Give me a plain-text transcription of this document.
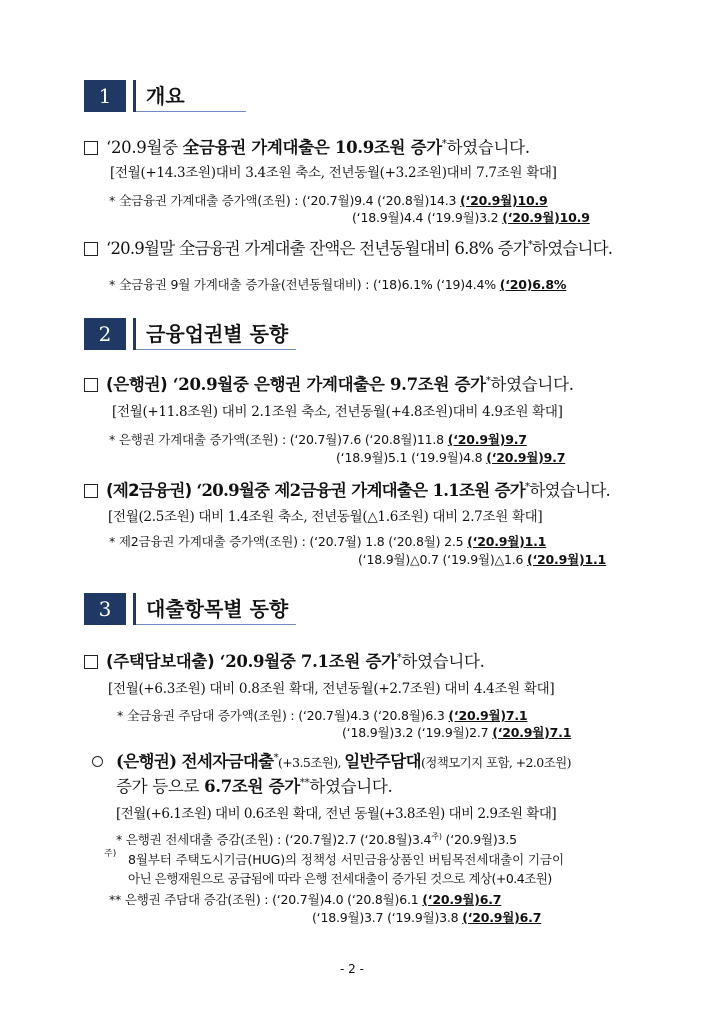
1	개요
‘20.9월중 全금융권 가계대출은 10.9조원 증가*하였습니다.
[전월(+14.3조원)대비 3.4조원 축소, 전년동월(+3.2조원)대비 7.7조원 확대]
* 全금융권 가계대출 증가액(조원) : (‘20.7월)9.4 (‘20.8월)14.3 (‘20.9월)10.9
(‘18.9월)4.4 (‘19.9월)3.2 (‘20.9월)10.9
‘20.9월말 全금융권 가계대출 잔액은 전년동월대비 6.8% 증가*하였습니다.
* 全금융권 9월 가계대출 증가율(전년동월대비) : (‘18)6.1% (‘19)4.4% (‘20)6.8%
2	금융업권별 동향
(은행권) ‘20.9월중 은행권 가계대출은 9.7조원 증가*하였습니다.
[전월(+11.8조원) 대비 2.1조원 축소, 전년동월(+4.8조원)대비 4.9조원 확대]
* 은행권 가계대출 증가액(조원) : (‘20.7월)7.6 (‘20.8월)11.8 (‘20.9월)9.7
(‘18.9월)5.1 (‘19.9월)4.8 (‘20.9월)9.7
(제2금융권) ‘20.9월중 제2금융권 가계대출은 1.1조원 증가*하였습니다.
[전월(2.5조원) 대비 1.4조원 축소, 전년동월(△1.6조원) 대비 2.7조원 확대]
* 제2금융권 가계대출 증가액(조원) : (‘20.7월) 1.8 (‘20.8월) 2.5 (‘20.9월)1.1
(‘18.9월)△0.7 (‘19.9월)△1.6 (‘20.9월)1.1
3	대출항목별 동향
(주택담보대출) ‘20.9월중 7.1조원 증가*하였습니다.
[전월(+6.3조원) 대비 0.8조원 확대, 전년동월(+2.7조원) 대비 4.4조원 확대]
* 全금융권 주담대 증가액(조원) : (‘20.7월)4.3 (‘20.8월)6.3 (‘20.9월)7.1
(‘18.9월)3.2 (‘19.9월)2.7 (‘20.9월)7.1
(은행권) 전세자금대출*(+3.5조원), 일반주담대(정책모기지 포함, +2.0조원)
증가 등으로 6.7조원 증가**하였습니다.
[전월(+6.1조원) 대비 0.6조원 확대, 전년 동월(+3.8조원) 대비 2.9조원 확대]
* 은행권 전세대출 증감(조원) : (‘20.7월)2.7 (‘20.8월)$3.4^{주)}$ (‘20.9월)3.5
주) 8월부터 주택도시기금(HUG)의 정책성 서민금융상품인 버팀목전세대출이 기금이
아닌 은행재원으로 공급됨에 따라 은행 전세대출이 증가된 것으로 계상(+0.4조원)
** 은행권 주담대 증감(조원) : (‘20.7월)4.0 (‘20.8월)6.1 (‘20.9월)6.7
(‘18.9월)3.7 (‘19.9월)3.8 (‘20.9월)6.7
- 2 -
